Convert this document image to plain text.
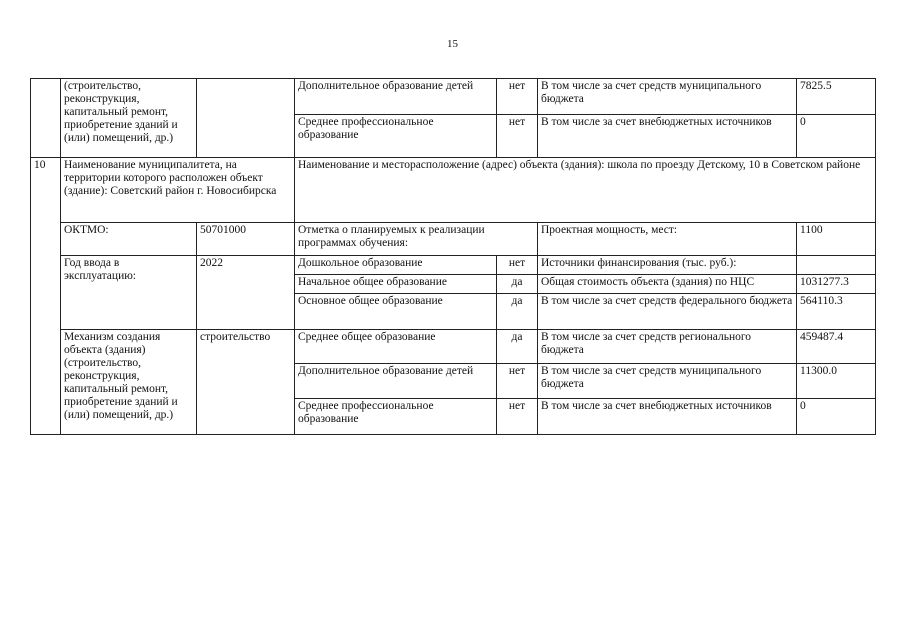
15
	(строительство, реконструкция, капитальный ремонт, приобретение зданий и (или) помещений, др.)		Дополнительное образование детей	нет	В том числе за счет средств муниципального бюджета	7825.5
			Среднее профессиональное образование	нет	В том числе за счет внебюджетных источников	0
10	Наименование муниципалитета, на территории которого расположен объект (здание): Советский район г. Новосибирска		Наименование и месторасположение (адрес) объекта (здания): школа по проезду Детскому, 10 в Советском районе			
	ОКТМО:	50701000	Отметка о планируемых к реализации программах обучения:		Проектная мощность, мест:	1100
	Год ввода в эксплуатацию:	2022	Дошкольное образование	нет	Источники финансирования (тыс. руб.):	
			Начальное общее образование	да	Общая стоимость объекта (здания) по НЦС	1031277.3
			Основное общее образование	да	В том числе за счет средств федерального бюджета	564110.3
	Механизм создания объекта (здания) (строительство, реконструкция, капитальный ремонт, приобретение зданий и (или) помещений, др.)	строительство	Среднее общее образование	да	В том числе за счет средств регионального бюджета	459487.4
			Дополнительное образование детей	нет	В том числе за счет средств муниципального бюджета	11300.0
			Среднее профессиональное образование	нет	В том числе за счет внебюджетных источников	0
